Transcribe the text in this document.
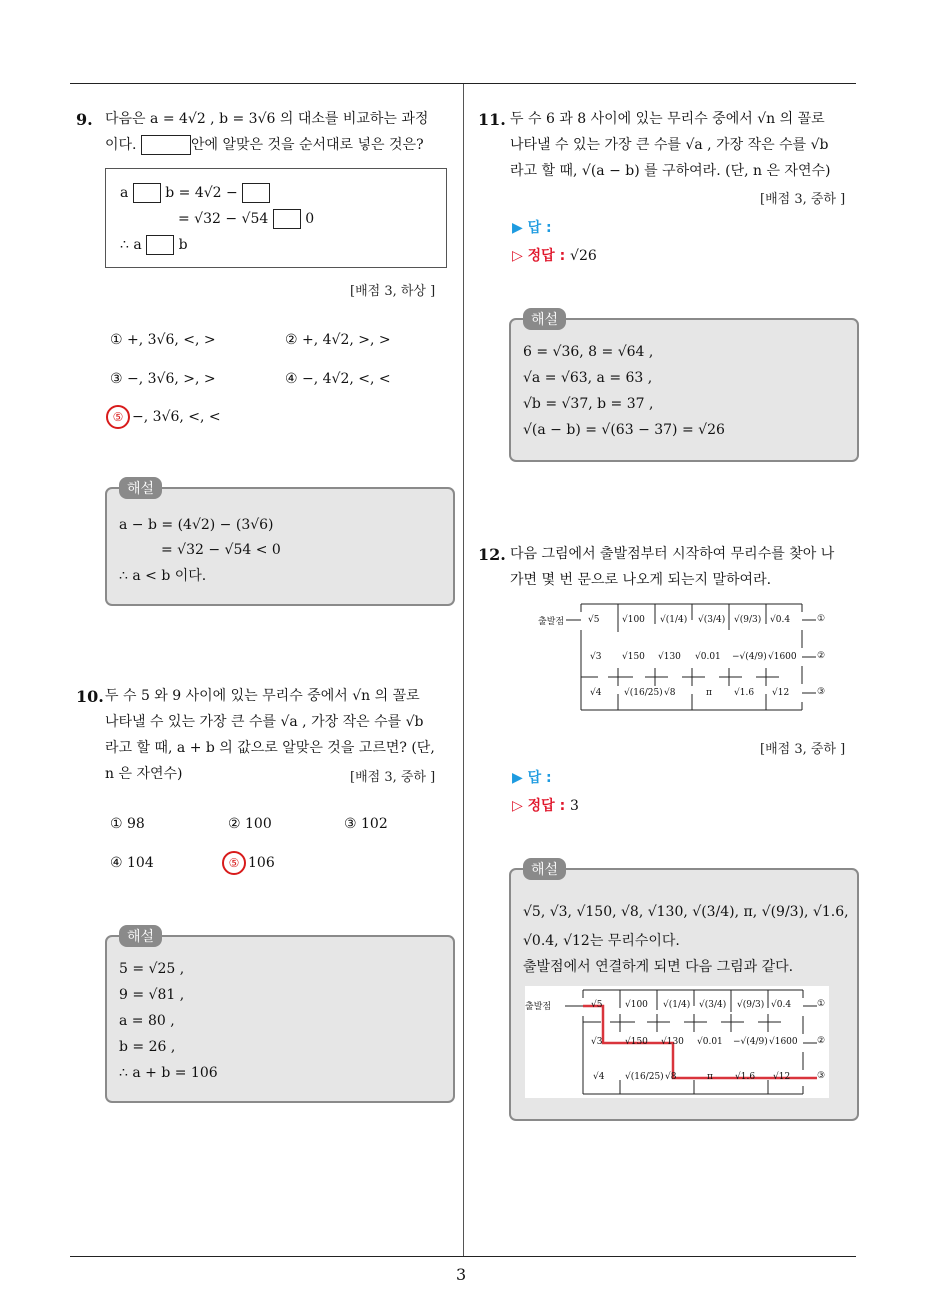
3
9. 다음은 a = 4√2 , b = 3√6 의 대소를 비교하는 과정
이다.	안에 알맞은 것을 순서대로 넣은 것은?
a	b = 4√2 −
= √32 − √54	0
∴ a	b
[배점 3, 하상 ]
① +, 3√6, <, >	② +, 4√2, >, >
③ −, 3√6, >, >	④ −, 4√2, <, <
⑤ −, 3√6, <, <
해설
a − b = (4√2) − (3√6)
= √32 − √54 < 0
∴ a < b 이다.
10. 두 수 5 와 9 사이에 있는 무리수 중에서 √n 의 꼴로
나타낼 수 있는 가장 큰 수를 √a , 가장 작은 수를 √b
라고 할 때, a + b 의 값으로 알맞은 것을 고르면? (단,
n 은 자연수)	[배점 3, 중하 ]
① 98	② 100	③ 102
④ 104	⑤ 106
해설
5 = √25 ,
9 = √81 ,
a = 80 ,
b = 26 ,
∴ a + b = 106
11. 두 수 6 과 8 사이에 있는 무리수 중에서 √n 의 꼴로
나타낼 수 있는 가장 큰 수를 √a , 가장 작은 수를 √b
라고 할 때, √(a − b) 를 구하여라. (단, n 은 자연수)
[배점 3, 중하 ]
▶ 답 :
▷ 정답 : √26
해설
6 = √36, 8 = √64 ,
√a = √63, a = 63 ,
√b = √37, b = 37 ,
√(a − b) = √(63 − 37) = √26
12. 다음 그림에서 출발점부터 시작하여 무리수를 찾아 나
가면 몇 번 문으로 나오게 되는지 말하여라.
출발점	①
②
③
√5	√100 √(1/4) √(3/4) √(9/3) √0.4
√3 √150 √130 √0.01 −√(4/9) √1600
√4	√(16/25) √8	π √1.6 √12
[배점 3, 중하 ]
▶ 답 :
▷ 정답 : 3
해설
√5, √3, √150, √8, √130, √(3/4), π, √(9/3), √1.6,
√0.4, √12는 무리수이다.
출발점에서 연결하게 되면 다음 그림과 같다.
출발점	①
②
③
√5	√100 √(1/4) √(3/4) √(9/3) √0.4
√3	√150 √130 √0.01 −√(4/9) √1600
√4 √(16/25) √8	π √1.6 √12
